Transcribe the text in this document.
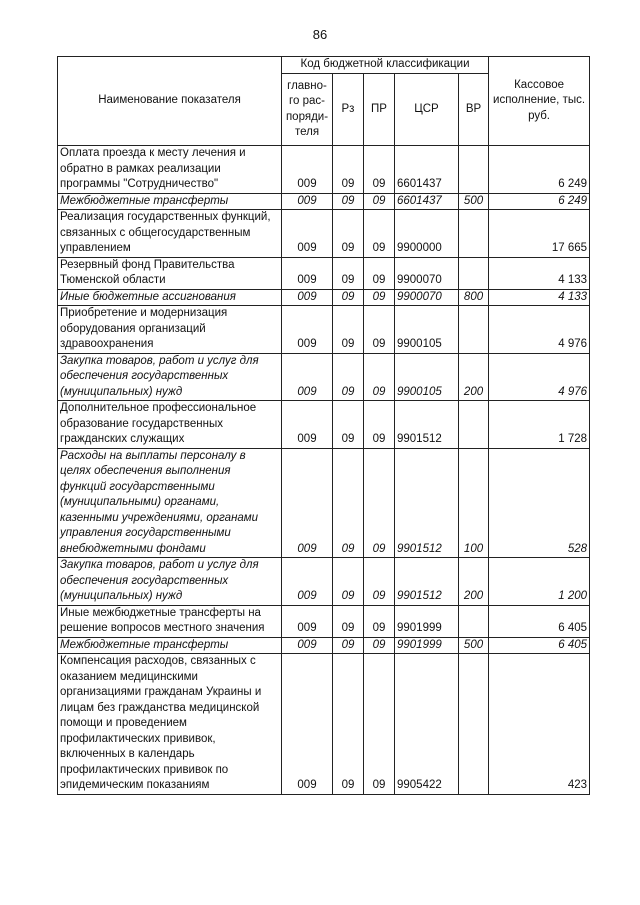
86
Наименование показателя	Код бюджетной классификации					Кассовое исполнение, тыс. руб.
	главно-го рас-поряди-теля	Рз	ПР	ЦСР	ВР	
Оплата проезда к месту лечения и обратно в рамках реализации программы "Сотрудничество"	009	09	09	6601437		6 249
Межбюджетные трансферты	009	09	09	6601437	500	6 249
Реализация государственных функций, связанных с общегосударственным управлением	009	09	09	9900000		17 665
Резервный фонд Правительства Тюменской области	009	09	09	9900070		4 133
Иные бюджетные ассигнования	009	09	09	9900070	800	4 133
Приобретение и модернизация оборудования организаций здравоохранения	009	09	09	9900105		4 976
Закупка товаров, работ и услуг для обеспечения государственных (муниципальных) нужд	009	09	09	9900105	200	4 976
Дополнительное профессиональное образование государственных гражданских служащих	009	09	09	9901512		1 728
Расходы на выплаты персоналу в целях обеспечения выполнения функций государственными (муниципальными) органами, казенными учреждениями, органами управления государственными внебюджетными фондами	009	09	09	9901512	100	528
Закупка товаров, работ и услуг для обеспечения государственных (муниципальных) нужд	009	09	09	9901512	200	1 200
Иные межбюджетные трансферты на решение вопросов местного значения	009	09	09	9901999		6 405
Межбюджетные трансферты	009	09	09	9901999	500	6 405
Компенсация расходов, связанных с оказанием медицинскими организациями гражданам Украины и лицам без гражданства медицинской помощи и проведением профилактических прививок, включенных в календарь профилактических прививок по эпидемическим показаниям	009	09	09	9905422		423
